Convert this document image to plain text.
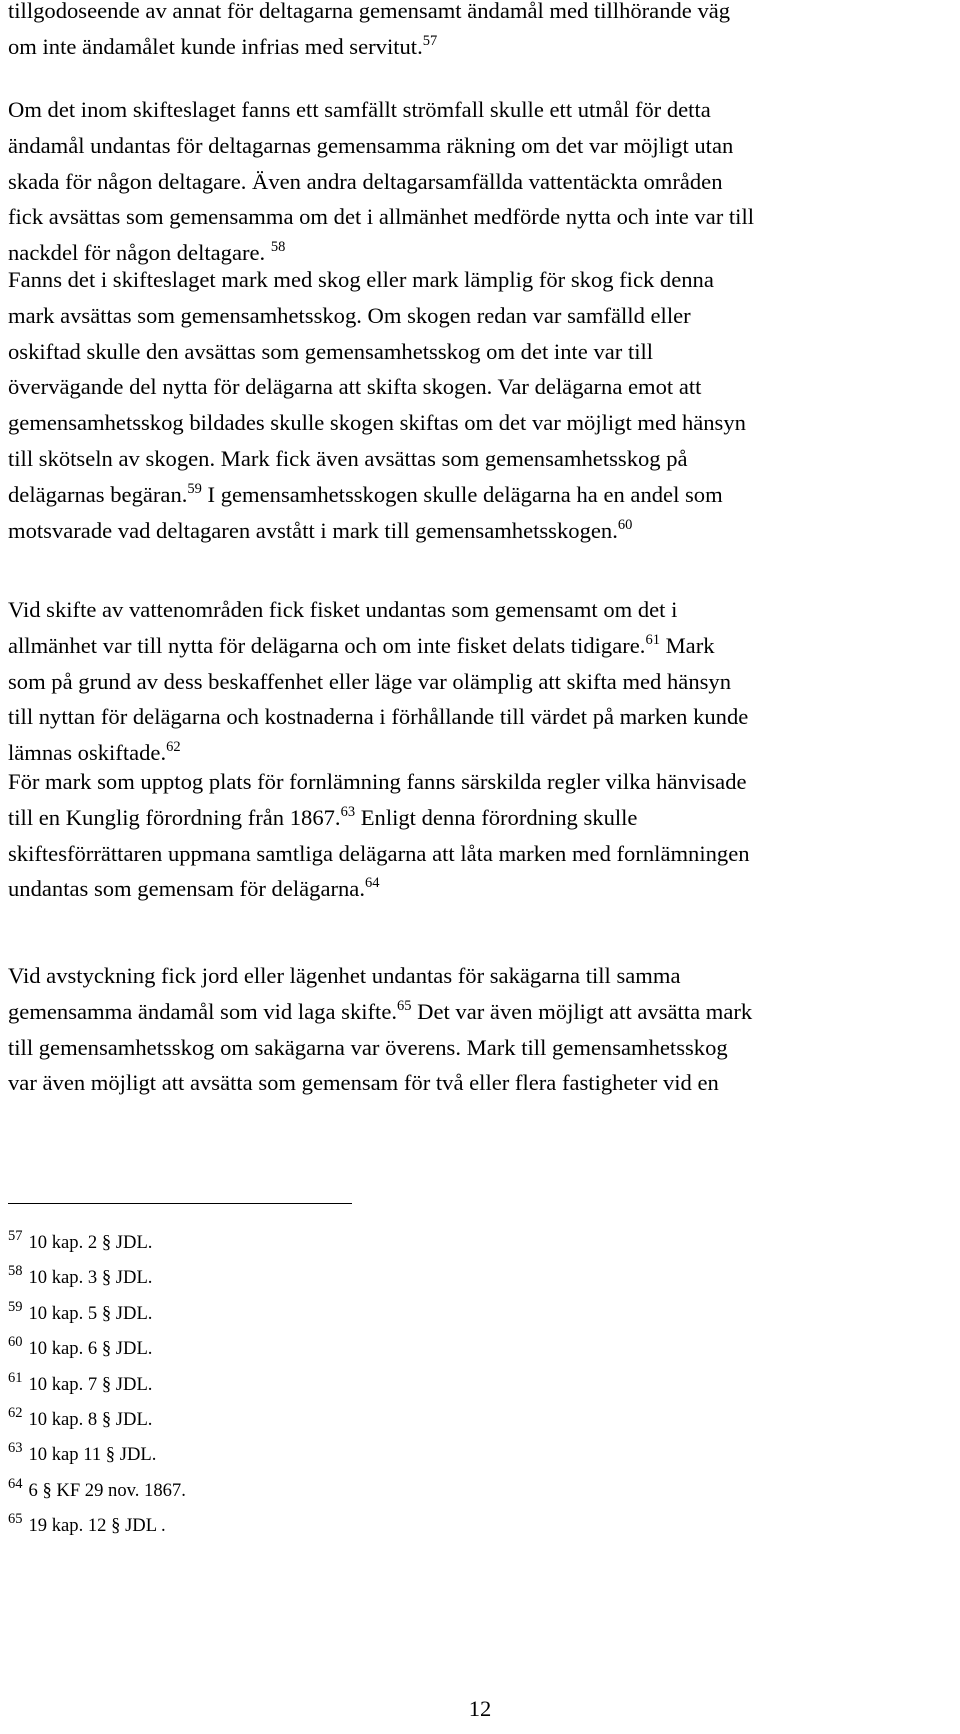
tillgodoseende av annat för deltagarna gemensamt ändamål med tillhörande väg
om inte ändamålet kunde infrias med servitut.$^{57}$
Om det inom skifteslaget fanns ett samfällt strömfall skulle ett utmål för detta
ändamål undantas för deltagarnas gemensamma räkning om det var möjligt utan
skada för någon deltagare. Även andra deltagarsamfällda vattentäckta områden
fick avsättas som gemensamma om det i allmänhet medförde nytta och inte var till
nackdel för någon deltagare. $^{58}$
Fanns det i skifteslaget mark med skog eller mark lämplig för skog fick denna
mark avsättas som gemensamhetsskog. Om skogen redan var samfälld eller
oskiftad skulle den avsättas som gemensamhetsskog om det inte var till
övervägande del nytta för delägarna att skifta skogen. Var delägarna emot att
gemensamhetsskog bildades skulle skogen skiftas om det var möjligt med hänsyn
till skötseln av skogen. Mark fick även avsättas som gemensamhetsskog på
delägarnas begäran.$^{59}$ I gemensamhetsskogen skulle delägarna ha en andel som
motsvarade vad deltagaren avstått i mark till gemensamhetsskogen.$^{60}$
Vid skifte av vattenområden fick fisket undantas som gemensamt om det i
allmänhet var till nytta för delägarna och om inte fisket delats tidigare.$^{61}$ Mark
som på grund av dess beskaffenhet eller läge var olämplig att skifta med hänsyn
till nyttan för delägarna och kostnaderna i förhållande till värdet på marken kunde
lämnas oskiftade.$^{62}$
För mark som upptog plats för fornlämning fanns särskilda regler vilka hänvisade
till en Kunglig förordning från 1867.63 Enligt denna förordning skulle
skiftesförrättaren uppmana samtliga delägarna att låta marken med fornlämningen
undantas som gemensam för delägarna.$^{64}$
Vid avstyckning fick jord eller lägenhet undantas för sakägarna till samma
gemensamma ändamål som vid laga skifte.$^{65}$ Det var även möjligt att avsätta mark
till gemensamhetsskog om sakägarna var överens. Mark till gemensamhetsskog
var även möjligt att avsätta som gemensam för två eller flera fastigheter vid en
$^{57}$ 10 kap. 2 § JDL.
$^{58}$ 10 kap. 3 § JDL.
$^{59}$ 10 kap. 5 § JDL.
$^{60}$ 10 kap. 6 § JDL.
$^{61}$ 10 kap. 7 § JDL.
$^{62}$ 10 kap. 8 § JDL.
$^{63}$ 10 kap 11 § JDL.
$^{64}$ 6 § KF 29 nov. 1867.
$^{65}$ 19 kap. 12 § JDL .
12
